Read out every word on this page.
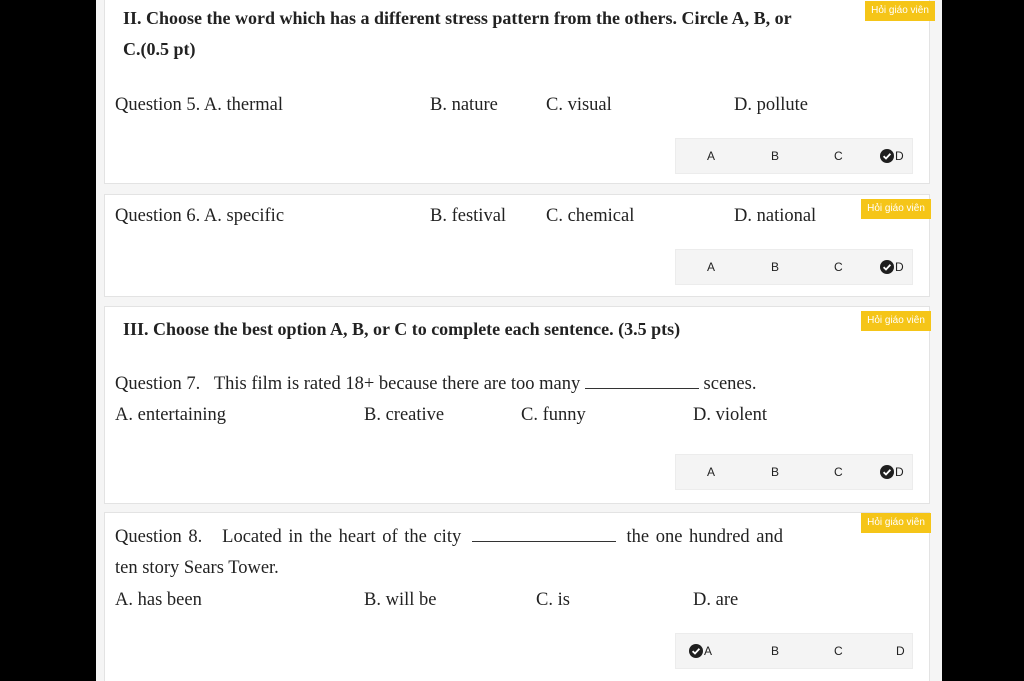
II. Choose the word which has a different stress pattern from the others. Circle A, B, or
C.(0.5 pt)
Hỏi giáo viên
Question 5. A. thermal	B. nature	C. visual	D. pollute
A	B	C	D
Hỏi giáo viên
Question 6. A. specific	B. festival C. chemical	D. national
A	B	C	D
Hỏi giáo viên
III. Choose the best option A, B, or C to complete each sentence. (3.5 pts)
Question 7.   This film is rated 18+ because there are too many	scenes.
A. entertaining	B. creative	C. funny	D. violent
A	B	C	D
Hỏi giáo viên
Question 8.   Located in the heart of the city	the one hundred and
ten story Sears Tower.
A. has been	B. will be	C. is	D. are
A	B	C	D
